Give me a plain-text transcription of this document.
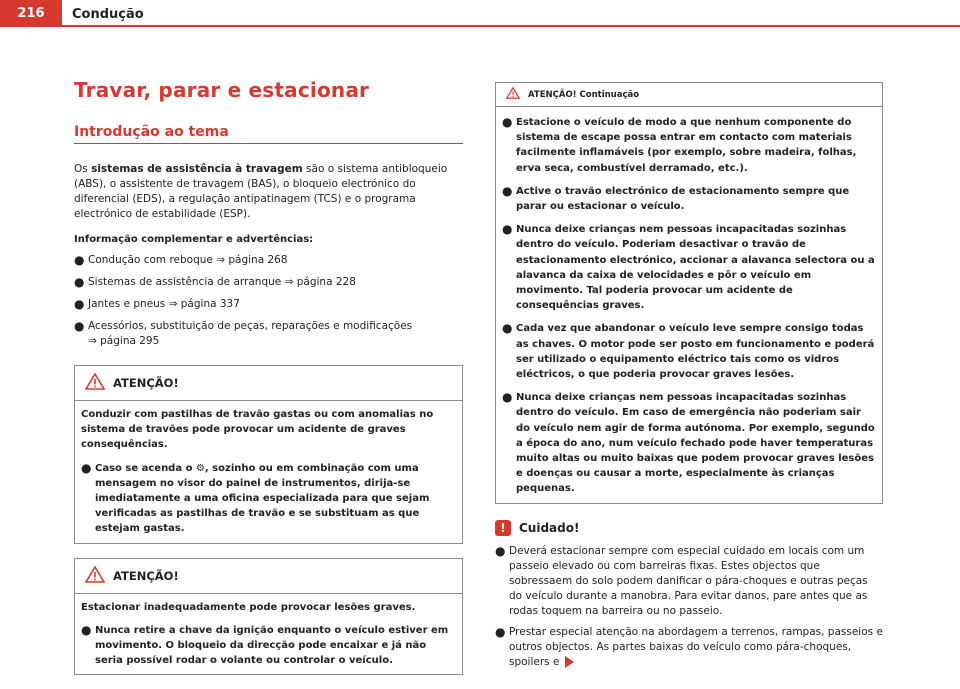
216	Condução
Travar, parar e estacionar
Introdução ao tema

Os sistemas de assistência à travagem são o sistema antibloqueio (ABS), o assistente de travagem (BAS), o bloqueio electrónico do diferencial (EDS), a regulação antipatinagem (TCS) e o programa electrónico de estabilidade (ESP).

Informação complementar e advertências:
● Condução com reboque ⇒ página 268
● Sistemas de assistência de arranque ⇒ página 228
● Jantes e pneus ⇒ página 337
● Acessórios, substituição de peças, reparações e modificações
⇒ página 295
ATENÇÃO!

Conduzir com pastilhas de travão gastas ou com anomalias no sistema de travões pode provocar um acidente de graves consequências.

● Caso se acenda o ⚙, sozinho ou em combinação com uma mensagem no visor do painel de instrumentos, dirija-se imediatamente a uma oficina especializada para que sejam verificadas as pastilhas de travão e se substituam as que estejam gastas.
ATENÇÃO!

Estacionar inadequadamente pode provocar lesões graves.

● Nunca retire a chave da ignição enquanto o veículo estiver em movimento. O bloqueio da direcção pode encaixar e já não seria possível rodar o volante ou controlar o veículo.
ATENÇÃO! Continuação
● Estacione o veículo de modo a que nenhum componente do sistema de escape possa entrar em contacto com materiais facilmente inflamáveis (por exemplo, sobre madeira, folhas, erva seca, combustível derramado, etc.).
● Active o travão electrónico de estacionamento sempre que parar ou estacionar o veículo.
● Nunca deixe crianças nem pessoas incapacitadas sozinhas dentro do veículo. Poderiam desactivar o travão de estacionamento electrónico, accionar a alavanca selectora ou a alavanca da caixa de velocidades e pôr o veículo em movimento. Tal poderia provocar um acidente de consequências graves.
● Cada vez que abandonar o veículo leve sempre consigo todas as chaves. O motor pode ser posto em funcionamento e poderá ser utilizado o equipamento eléctrico tais como os vidros eléctricos, o que poderia provocar graves lesões.
● Nunca deixe crianças nem pessoas incapacitadas sozinhas dentro do veículo. Em caso de emergência não poderiam sair do veículo nem agir de forma autónoma. Por exemplo, segundo a época do ano, num veículo fechado pode haver temperaturas muito altas ou muito baixas que podem provocar graves lesões e doenças ou causar a morte, especialmente às crianças pequenas.
!	Cuidado!
● Deverá estacionar sempre com especial cuidado em locais com um passeio elevado ou com barreiras fixas. Estes objectos que sobressaem do solo podem danificar o pára-choques e outras peças do veículo durante a manobra. Para evitar danos, pare antes que as rodas toquem na barreira ou no passeio.
● Prestar especial atenção na abordagem a terrenos, rampas, passeios e outros objectos. As partes baixas do veículo como pára-choques, spoilers e
